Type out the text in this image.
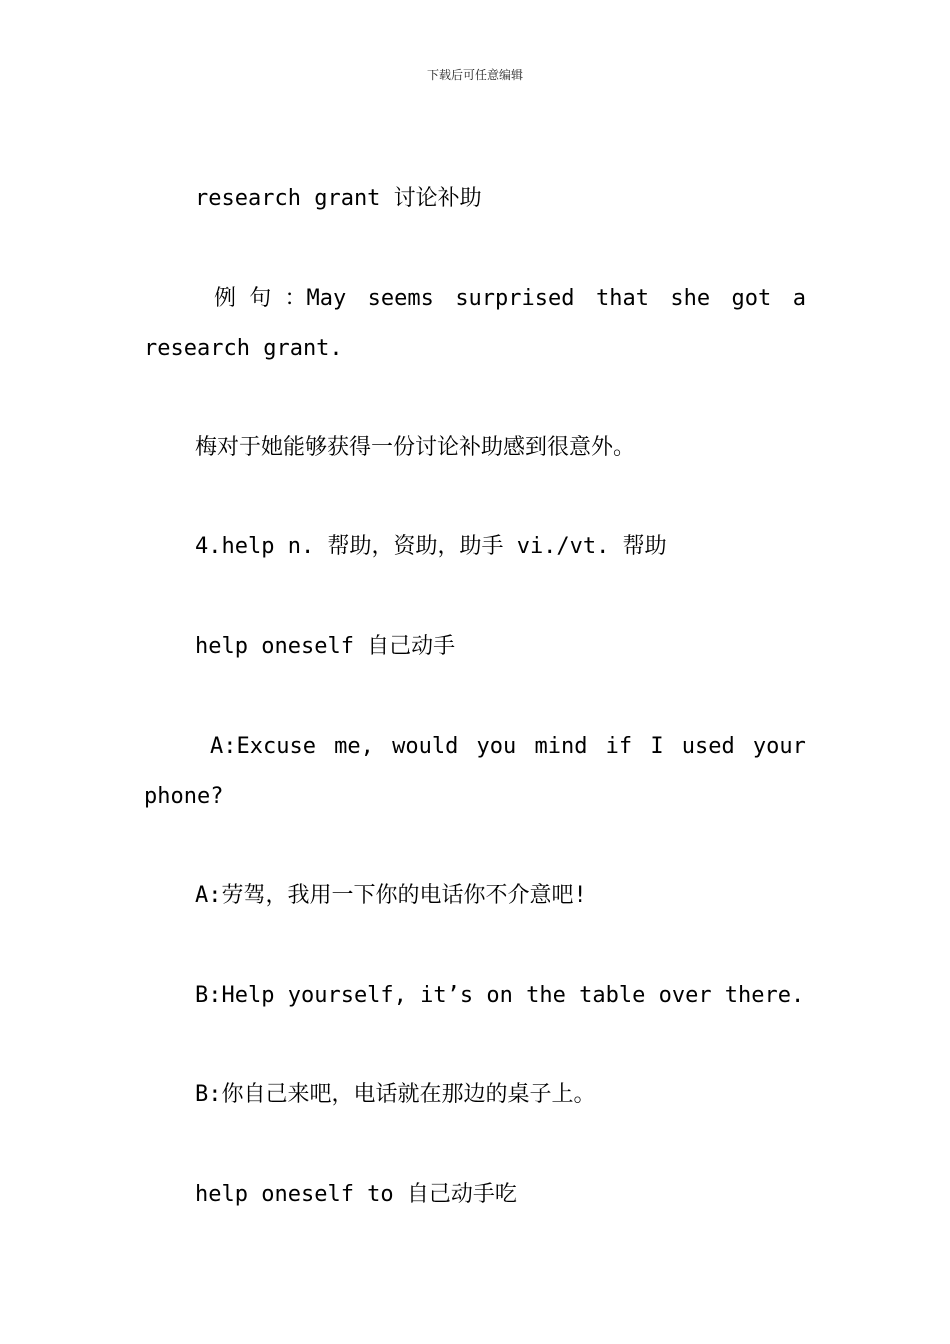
下载后可任意编辑
research grant 讨论补助
例 句 ：May seems surprised that she got a
research grant.
梅对于她能够获得一份讨论补助感到很意外。
4.help n. 帮助，资助，助手 vi./vt. 帮助
help oneself 自己动手
A:Excuse me, would you mind if I used your
phone?
A:劳驾，我用一下你的电话你不介意吧!
B:Help yourself, it’s on the table over there.
B:你自己来吧，电话就在那边的桌子上。
help oneself to 自己动手吃
